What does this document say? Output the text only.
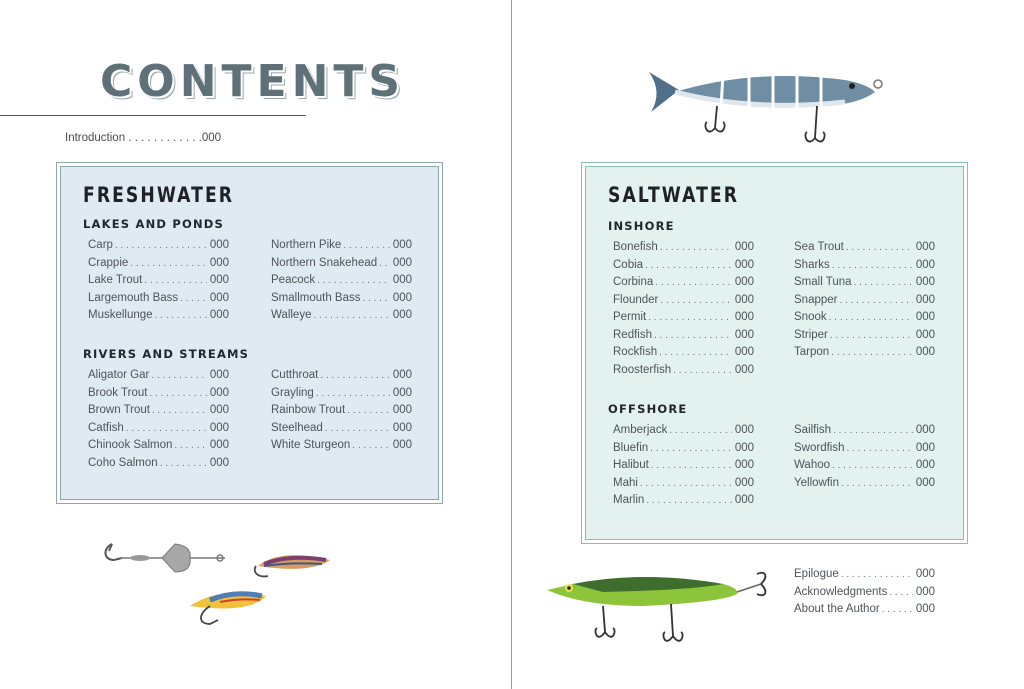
CONTENTS
Introduction . . . . . . . . . . . .000
FRESHWATER
LAKES AND PONDS
Carp . . .	000
Crappie . . .	000
Lake Trout . . .	000
Largemouth Bass . . .	000
Muskellunge . . .	000
Northern Pike . . .	000
Northern Snakehead . . . 000
Peacock . . .	000
Smallmouth Bass . . .	000
Walleye . . .	000
RIVERS AND STREAMS
Aligator Gar . . .	000
Brook Trout . . .	000
Brown Trout . . .	000
Catfish . . .	000
Chinook Salmon . . .	000
Coho Salmon . . .	000
Cutthroat . . .	000
Grayling . . .	000
Rainbow Trout . . .	000
Steelhead . . .	000
White Sturgeon . . .	000
SALTWATER
INSHORE
Bonefish . . .	000
Cobia . . .	000
Corbina . . .	000
Flounder . . .	000
Permit . . .	000
Redfish . . .	000
Rockfish . . .	000
Roosterfish . . .	000
Sea Trout . . .	000
Sharks . . .	000
Small Tuna . . .	000
Snapper . . .	000
Snook . . .	000
Striper . . .	000
Tarpon . . .	000
OFFSHORE
Amberjack . . .	000
Bluefin . . .	000
Halibut . . .	000
Mahi . . .	000
Marlin . . .	000
Sailfish . . .	000
Swordfish . . .	000
Wahoo . . .	000
Yellowfin . . .	000
Epilogue . . .	000
Acknowledgments . . . 000
About the Author . . .	000
